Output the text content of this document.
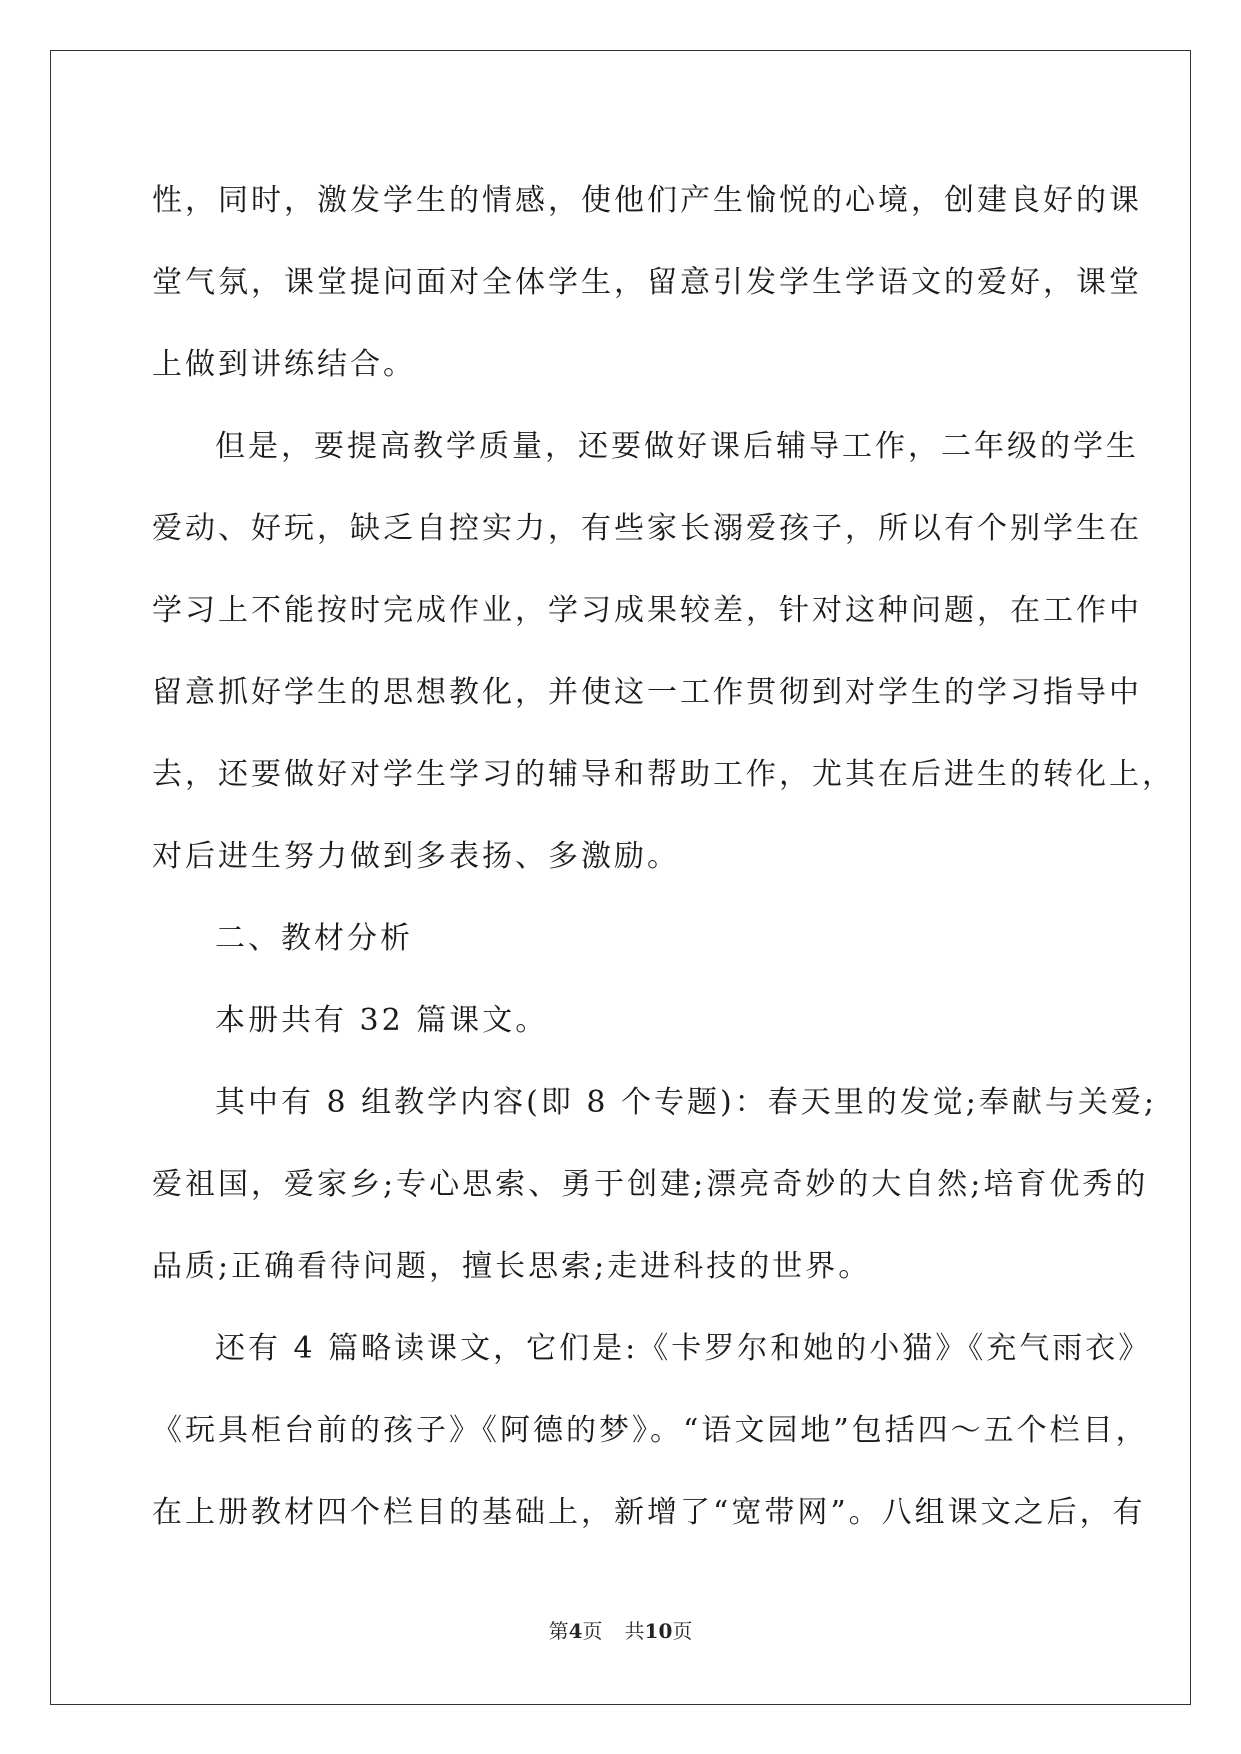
性，同时，激发学生的情感，使他们产生愉悦的心境，创建良好的课
堂气氛，课堂提问面对全体学生，留意引发学生学语文的爱好，课堂
上做到讲练结合。
但是，要提高教学质量，还要做好课后辅导工作，二年级的学生
爱动、好玩，缺乏自控实力，有些家长溺爱孩子，所以有个别学生在
学习上不能按时完成作业，学习成果较差，针对这种问题，在工作中
留意抓好学生的思想教化，并使这一工作贯彻到对学生的学习指导中
去，还要做好对学生学习的辅导和帮助工作，尤其在后进生的转化上，
对后进生努力做到多表扬、多激励。
二、教材分析
本册共有 32 篇课文。
其中有 8 组教学内容(即 8 个专题)：春天里的发觉;奉献与关爱;
爱祖国，爱家乡;专心思索、勇于创建;漂亮奇妙的大自然;培育优秀的
品质;正确看待问题，擅长思索;走进科技的世界。
还有 4 篇略读课文，它们是:《卡罗尔和她的小猫》《充气雨衣》
《玩具柜台前的孩子》《阿德的梦》。“语文园地”包括四～五个栏目，
在上册教材四个栏目的基础上，新增了“宽带网”。八组课文之后，有
第4页 共10页
